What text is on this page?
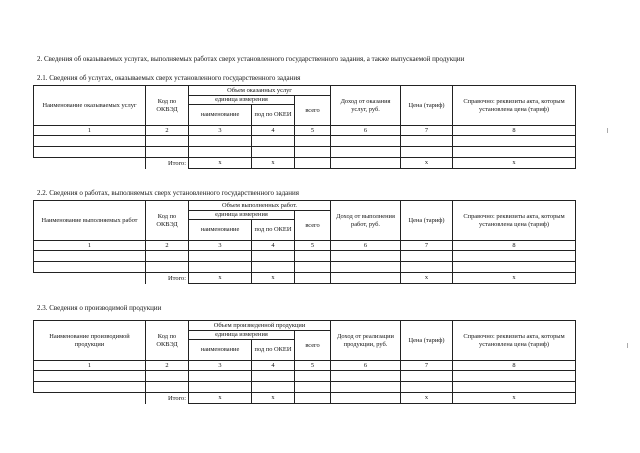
2. Сведения об оказываемых услугах, выполняемых работах сверх установленного государственного задания, а также выпускаемой продукции
2.1. Сведения об услугах, оказываемых сверх установленного государственного задания
Наименование оказываемых услуг	Код по ОКВЭД	Объем оказанных услуг			Доход от оказания услуг, руб.	Цена (тариф)	Справочно: реквизиты акта, которым установлена цена (тариф)
		единица измерения		всего			
		наименование	под по ОКЕИ				
1	2	3	4	5	6	7	8

	Итого:	x	x			x	x
2.2. Сведения о работах, выполняемых сверх установленного государственного задания
Наименование выполняемых работ	Код по ОКВЭД	Объем выполненных работ.			Доход от выполнения работ, руб.	Цена (тариф)	Справочно: реквизиты акта, которым установлена цена (тариф)
		единица измерения		всего			
		наименование	под по ОКЕИ				
1	2	3	4	5	6	7	8

	Итого:	x	x			x	x
2.3. Сведения о производимой продукции
Наименование производимой продукции	Код по ОКВЭД	Объем произведенной продукции			Доход от реализации продукции, руб.	Цена (тариф)	Справочно: реквизиты акта, которым установлена цена (тариф)
		единица измерения		всего			
		наименование	под по ОКЕИ				
1	2	3	4	5	6	7	8

	Итого:	x	x			x	x
